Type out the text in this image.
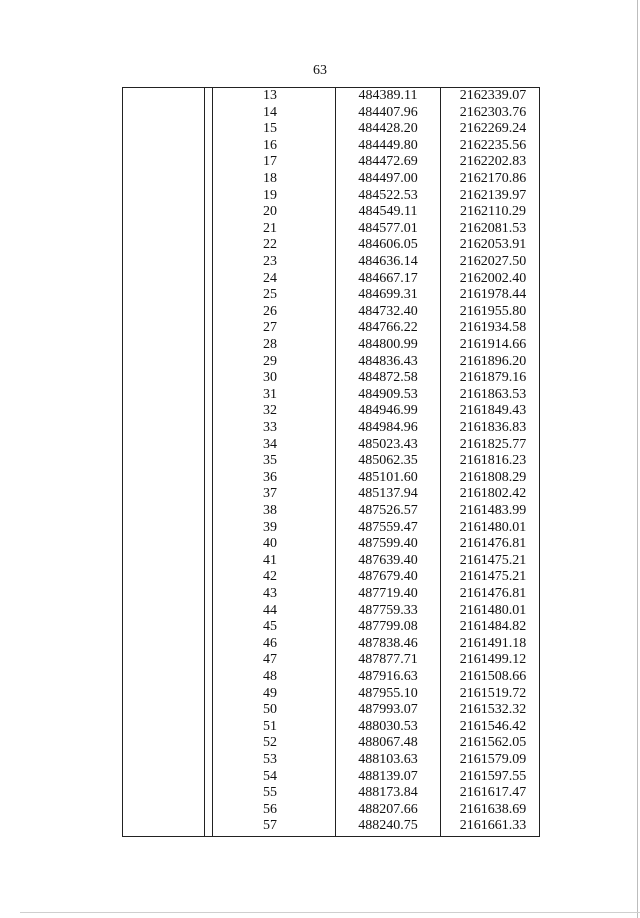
63
13	484389.11	2162339.07
14	484407.96	2162303.76
15	484428.20	2162269.24
16	484449.80	2162235.56
17	484472.69	2162202.83
18	484497.00	2162170.86
19	484522.53	2162139.97
20	484549.11	2162110.29
21	484577.01	2162081.53
22	484606.05	2162053.91
23	484636.14	2162027.50
24	484667.17	2162002.40
25	484699.31	2161978.44
26	484732.40	2161955.80
27	484766.22	2161934.58
28	484800.99	2161914.66
29	484836.43	2161896.20
30	484872.58	2161879.16
31	484909.53	2161863.53
32	484946.99	2161849.43
33	484984.96	2161836.83
34	485023.43	2161825.77
35	485062.35	2161816.23
36	485101.60	2161808.29
37	485137.94	2161802.42
38	487526.57	2161483.99
39	487559.47	2161480.01
40	487599.40	2161476.81
41	487639.40	2161475.21
42	487679.40	2161475.21
43	487719.40	2161476.81
44	487759.33	2161480.01
45	487799.08	2161484.82
46	487838.46	2161491.18
47	487877.71	2161499.12
48	487916.63	2161508.66
49	487955.10	2161519.72
50	487993.07	2161532.32
51	488030.53	2161546.42
52	488067.48	2161562.05
53	488103.63	2161579.09
54	488139.07	2161597.55
55	488173.84	2161617.47
56	488207.66	2161638.69
57	488240.75	2161661.33
